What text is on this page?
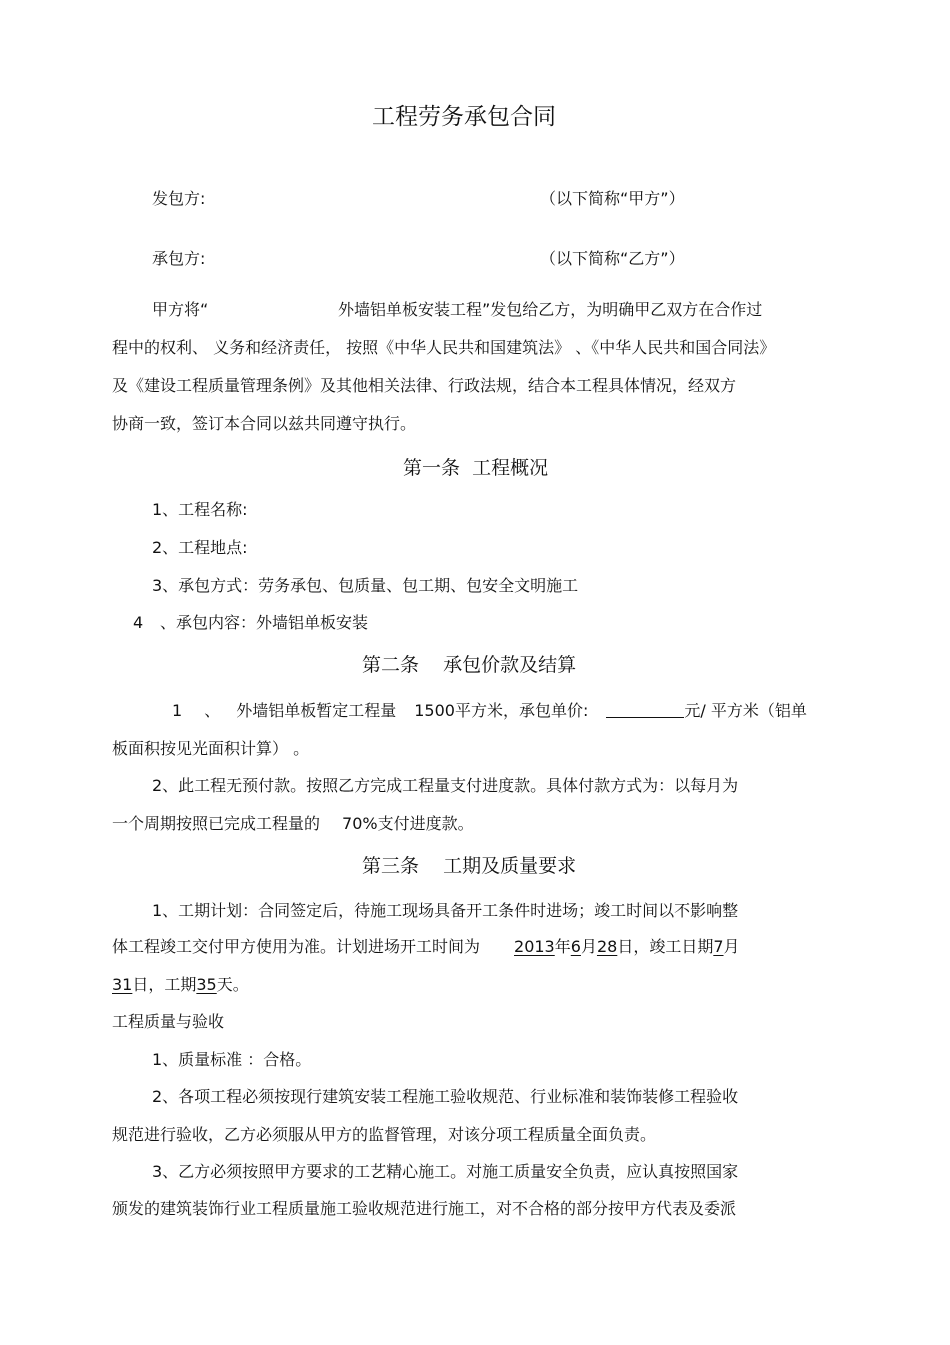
工程劳务承包合同
发包方:	（以下简称“甲方”）
承包方:	（以下简称“乙方”）
甲方将“	外墙铝单板安装工程”发包给乙方，为明确甲乙双方在合作过
程中的权利、 义务和经济责任， 按照《中华人民共和国建筑法》 、《中华人民共和国合同法》
及《建设工程质量管理条例》及其他相关法律、行政法规，结合本工程具体情况，经双方
协商一致，签订本合同以兹共同遵守执行。
第一条  工程概况
1、工程名称:
2、工程地点:
3、承包方式：劳务承包、包质量、包工期、包安全文明施工
4 、承包内容：外墙铝单板安装
第二条    承包价款及结算
1 、 外墙铝单板暂定工程量 1500平方米，承包单价:	元/ 平方米（铝单
板面积按见光面积计算） 。
2、此工程无预付款。按照乙方完成工程量支付进度款。具体付款方式为：以每月为
一个周期按照已完成工程量的 70%支付进度款。
第三条    工期及质量要求
1、工期计划：合同签定后，待施工现场具备开工条件时进场；竣工时间以不影响整
体工程竣工交付甲方使用为准。计划进场开工时间为 2013年6月28日，竣工日期7月
31日，工期35天。
工程质量与验收
1、质量标准 ：合格。
2、各项工程必须按现行建筑安装工程施工验收规范、行业标准和装饰装修工程验收
规范进行验收，乙方必须服从甲方的监督管理，对该分项工程质量全面负责。
3、乙方必须按照甲方要求的工艺精心施工。对施工质量安全负责，应认真按照国家
颁发的建筑装饰行业工程质量施工验收规范进行施工，对不合格的部分按甲方代表及委派
